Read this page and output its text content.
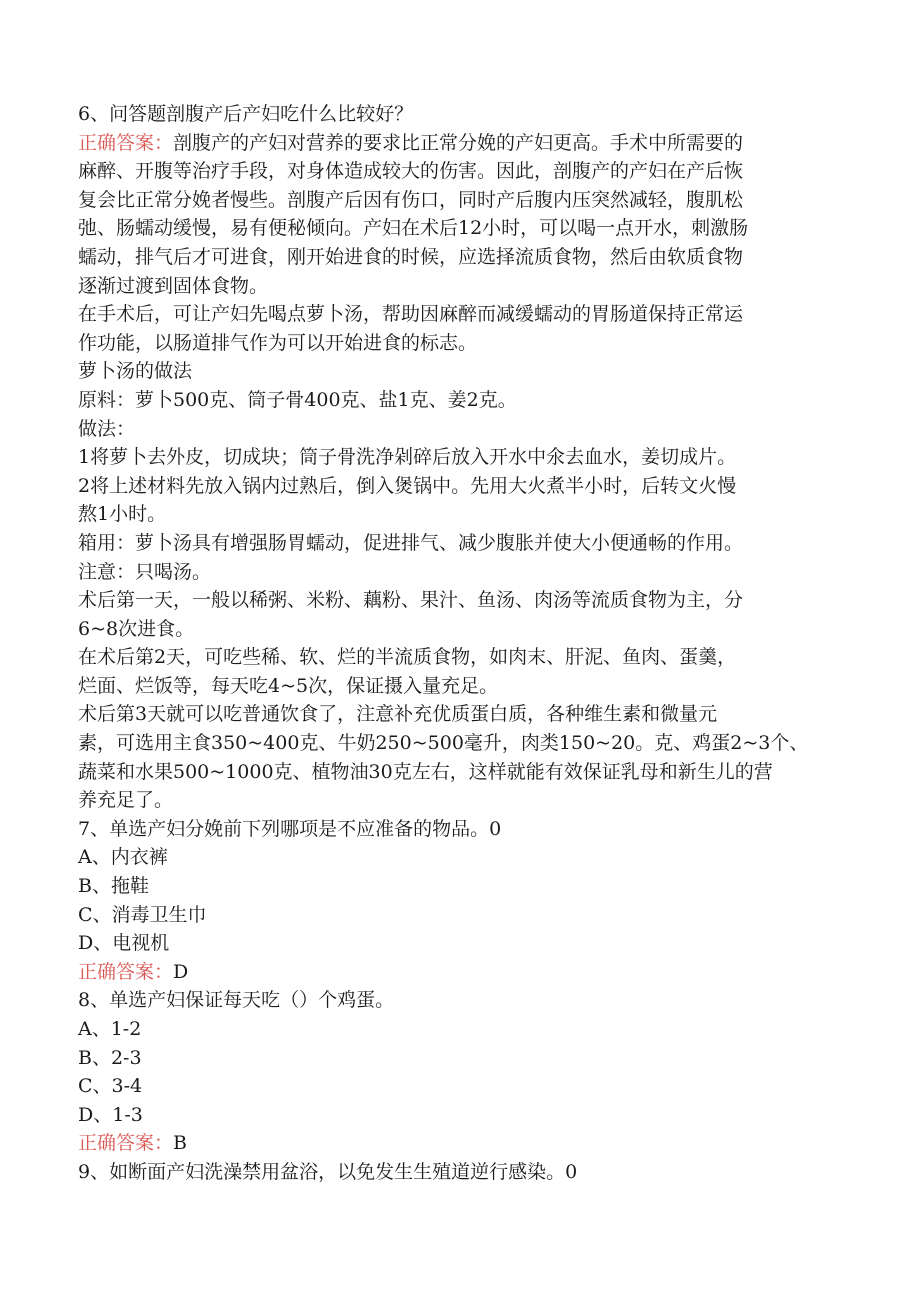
6、问答题剖腹产后产妇吃什么比较好？
正确答案：剖腹产的产妇对营养的要求比正常分娩的产妇更高。手术中所需要的
麻醉、开腹等治疗手段，对身体造成较大的伤害。因此，剖腹产的产妇在产后恢
复会比正常分娩者慢些。剖腹产后因有伤口，同时产后腹内压突然减轻，腹肌松
弛、肠蠕动缓慢，易有便秘倾向。产妇在术后12小时，可以喝一点开水，刺激肠
蠕动，排气后才可进食，刚开始进食的时候，应选择流质食物，然后由软质食物
逐渐过渡到固体食物。
在手术后，可让产妇先喝点萝卜汤，帮助因麻醉而减缓蠕动的胃肠道保持正常运
作功能，以肠道排气作为可以开始进食的标志。
萝卜汤的做法
原料：萝卜500克、筒子骨400克、盐1克、姜2克。
做法：
1将萝卜去外皮，切成块；筒子骨洗净剁碎后放入开水中氽去血水，姜切成片。
2将上述材料先放入锅内过熟后，倒入煲锅中。先用大火煮半小时，后转文火慢
熬1小时。
箱用：萝卜汤具有增强肠胃蠕动，促进排气、减少腹胀并使大小便通畅的作用。
注意：只喝汤。
术后第一天，一般以稀粥、米粉、藕粉、果汁、鱼汤、肉汤等流质食物为主，分
6~8次进食。
在术后第2天，可吃些稀、软、烂的半流质食物，如肉末、肝泥、鱼肉、蛋羹，
烂面、烂饭等，每天吃4~5次，保证摄入量充足。
术后第3天就可以吃普通饮食了，注意补充优质蛋白质，各种维生素和微量元
素，可选用主食350~400克、牛奶250~500毫升，肉类150~20。克、鸡蛋2~3个、
蔬菜和水果500~1000克、植物油30克左右，这样就能有效保证乳母和新生儿的营
养充足了。
7、单选产妇分娩前下列哪项是不应准备的物品。0
A、内衣裤
B、拖鞋
C、消毒卫生巾
D、电视机
正确答案：D
8、单选产妇保证每天吃（）个鸡蛋。
A、1-2
B、2-3
C、3-4
D、1-3
正确答案：B
9、如断面产妇洗澡禁用盆浴，以免发生生殖道逆行感染。0
